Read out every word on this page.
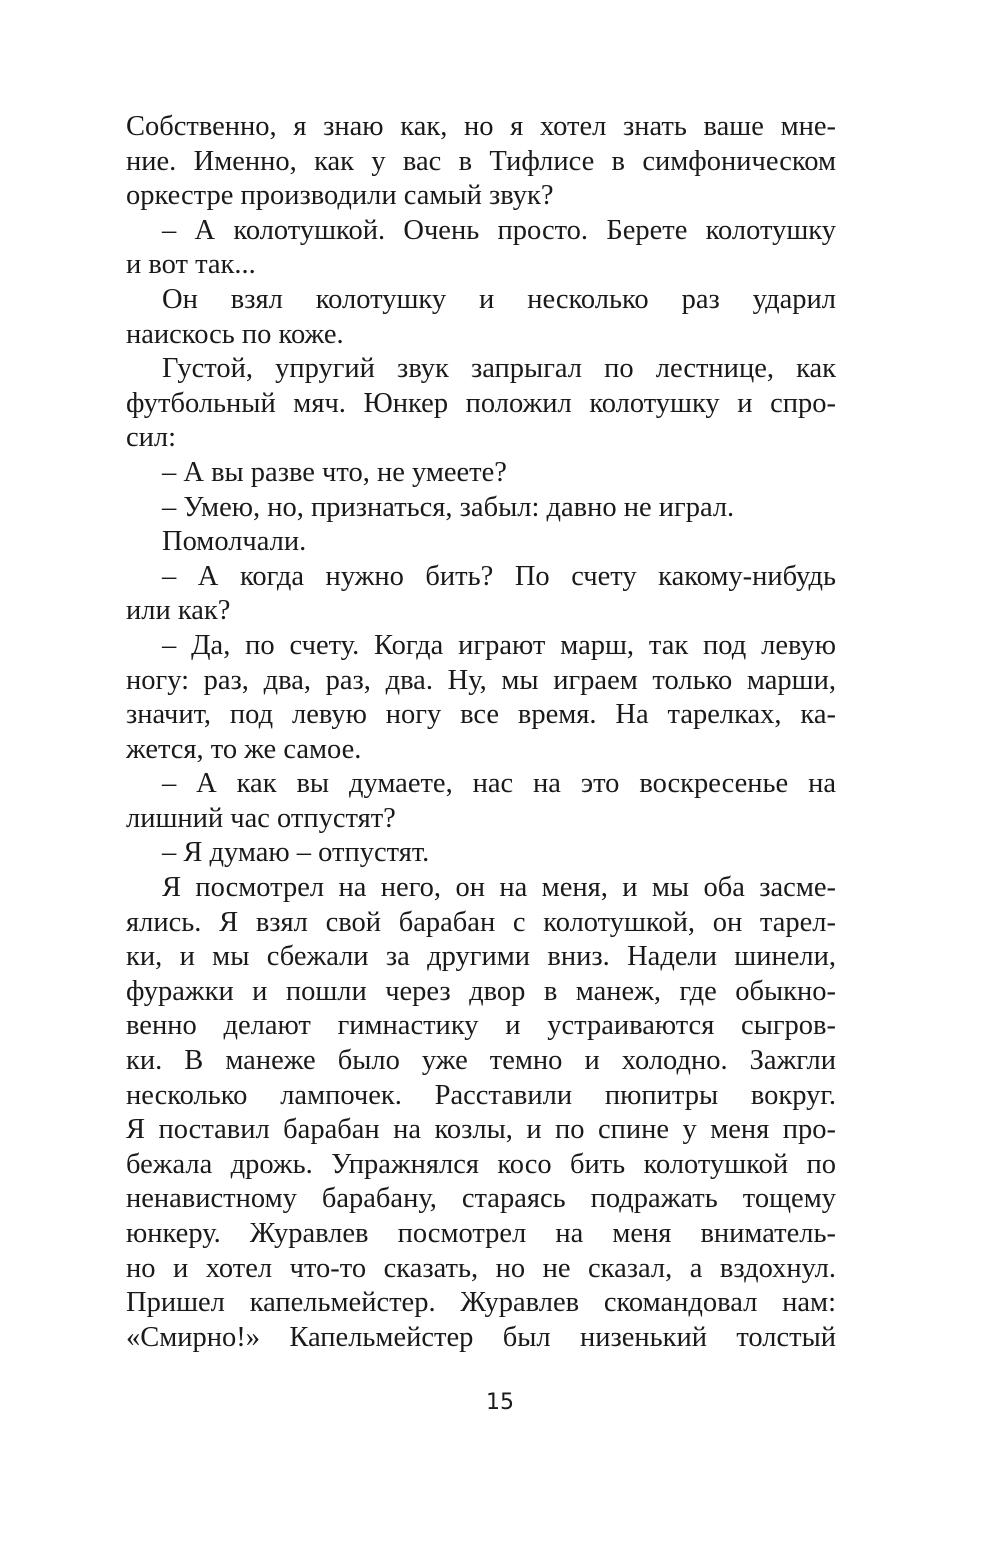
Собственно, я знаю как, но я хотел знать ваше мне-
ние. Именно, как у вас в Тифлисе в симфоническом
оркестре производили самый звук?
– А колотушкой. Очень просто. Берете колотушку
и вот так...
Он взял колотушку и несколько раз ударил
наискось по коже.
Густой, упругий звук запрыгал по лестнице, как
футбольный мяч. Юнкер положил колотушку и спро-
сил:
– А вы разве что, не умеете?
– Умею, но, признаться, забыл: давно не играл.
Помолчали.
– А когда нужно бить? По счету какому-нибудь
или как?
– Да, по счету. Когда играют марш, так под левую
ногу: раз, два, раз, два. Ну, мы играем только марши,
значит, под левую ногу все время. На тарелках, ка-
жется, то же самое.
– А как вы думаете, нас на это воскресенье на
лишний час отпустят?
– Я думаю – отпустят.
Я посмотрел на него, он на меня, и мы оба засме-
ялись. Я взял свой барабан с колотушкой, он тарел-
ки, и мы сбежали за другими вниз. Надели шинели,
фуражки и пошли через двор в манеж, где обыкно-
венно делают гимнастику и устраиваются сыгров-
ки. В манеже было уже темно и холодно. Зажгли
несколько лампочек. Расставили пюпитры вокруг.
Я поставил барабан на козлы, и по спине у меня про-
бежала дрожь. Упражнялся косо бить колотушкой по
ненавистному барабану, стараясь подражать тощему
юнкеру. Журавлев посмотрел на меня вниматель-
но и хотел что-то сказать, но не сказал, а вздохнул.
Пришел капельмейстер. Журавлев скомандовал нам:
«Смирно!» Капельмейстер был низенький толстый
15
